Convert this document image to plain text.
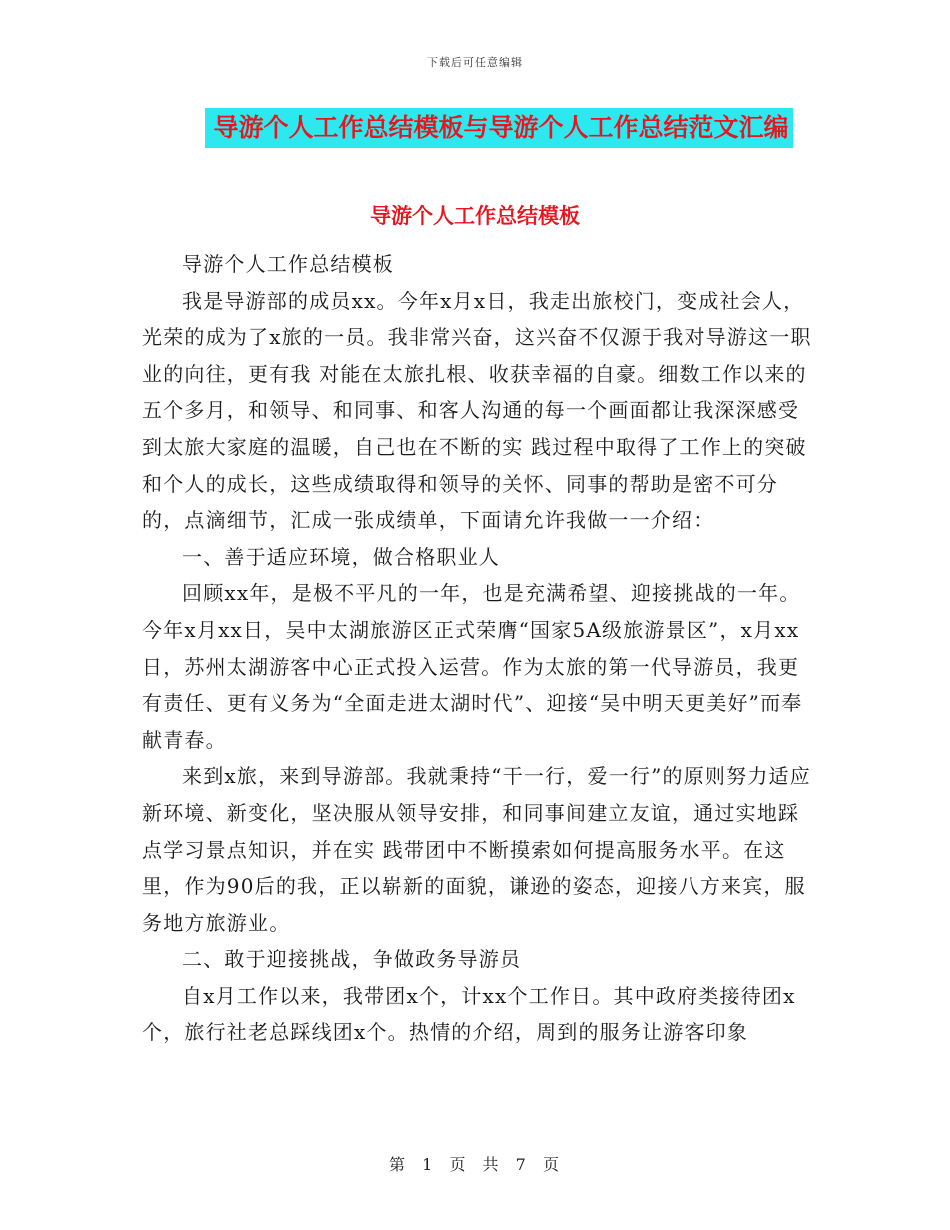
下载后可任意编辑
导游个人工作总结模板与导游个人工作总结范文汇编
导游个人工作总结模板

导游个人工作总结模板

我是导游部的成员xx。今年x月x日，我走出旅校门，变成社会人，光荣的成为了x旅的一员。我非常兴奋，这兴奋不仅源于我对导游这一职业的向往，更有我 对能在太旅扎根、收获幸福的自豪。细数工作以来的五个多月，和领导、和同事、和客人沟通的每一个画面都让我深深感受到太旅大家庭的温暖，自己也在不断的实 践过程中取得了工作上的突破和个人的成长，这些成绩取得和领导的关怀、同事的帮助是密不可分的，点滴细节，汇成一张成绩单，下面请允许我做一一介绍：

一、善于适应环境，做合格职业人

回顾xx年，是极不平凡的一年，也是充满希望、迎接挑战的一年。今年x月xx日，吴中太湖旅游区正式荣膺“国家5A级旅游景区”，x月xx日，苏州太湖游客中心正式投入运营。作为太旅的第一代导游员，我更有责任、更有义务为“全面走进太湖时代”、迎接“吴中明天更美好”而奉献青春。

来到x旅，来到导游部。我就秉持“干一行，爱一行”的原则努力适应新环境、新变化，坚决服从领导安排，和同事间建立友谊，通过实地踩点学习景点知识，并在实 践带团中不断摸索如何提高服务水平。在这里，作为90后的我，正以崭新的面貌，谦逊的姿态，迎接八方来宾，服务地方旅游业。

二、敢于迎接挑战，争做政务导游员

自x月工作以来，我带团x个，计xx个工作日。其中政府类接待团x个，旅行社老总踩线团x个。热情的介绍，周到的服务让游客印象

第 1 页 共 7 页
